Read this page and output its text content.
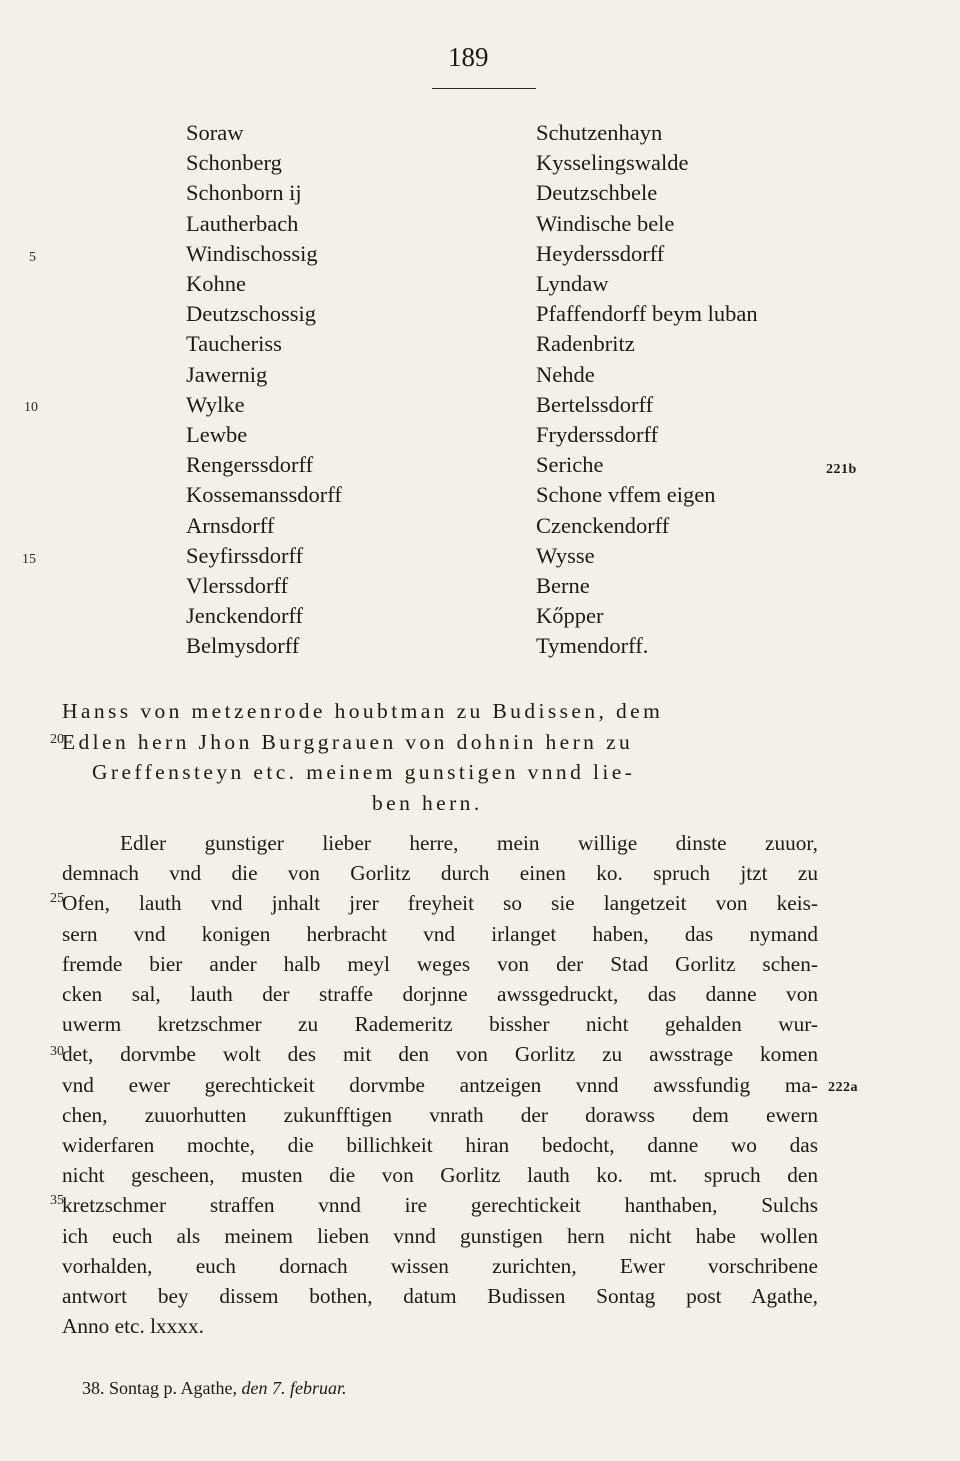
189
Soraw
Schonberg
Schonborn ij
Lautherbach
Windischossig
Kohne
Deutzschossig
Taucheriss
Jawernig
Wylke
Lewbe
Rengerssdorff
Kossemanssdorff
Arnsdorff
Seyfirssdorff
Vlerssdorff
Jenckendorff
Belmysdorff
Schutzenhayn
Kysselingswalde
Deutzschbele
Windische bele
Heyderssdorff
Lyndaw
Pfaffendorff beym luban
Radenbritz
Nehde
Bertelssdorff
Fryderssdorff
Seriche
Schone vffem eigen
Czenckendorff
Wysse
Berne
Kőpper
Tymendorff.
5
10
15
20
25
30
35
221b
222a
Hanss von metzenrode houbtman zu Budissen, dem
Edlen hern Jhon Burggrauen von dohnin hern zu
Greffensteyn etc. meinem gunstigen vnnd lie-
ben hern.
Edler gunstiger lieber herre, mein willige dinste zuuor,
demnach vnd die von Gorlitz durch einen ko. spruch jtzt zu
Ofen, lauth vnd jnhalt jrer freyheit so sie langetzeit von keis-
sern vnd konigen herbracht vnd irlanget haben, das nymand
fremde bier ander halb meyl weges von der Stad Gorlitz schen-
cken sal, lauth der straffe dorjnne awssgedruckt, das danne von
uwerm kretzschmer zu Rademeritz bissher nicht gehalden wur-
det, dorvmbe wolt des mit den von Gorlitz zu awsstrage komen
vnd ewer gerechtickeit dorvmbe antzeigen vnnd awssfundig ma-
chen, zuuorhutten zukunfftigen vnrath der dorawss dem ewern
widerfaren mochte, die billichkeit hiran bedocht, danne wo das
nicht gescheen, musten die von Gorlitz lauth ko. mt. spruch den
kretzschmer straffen vnnd ire gerechtickeit hanthaben, Sulchs
ich euch als meinem lieben vnnd gunstigen hern nicht habe wollen
vorhalden, euch dornach wissen zurichten, Ewer vorschribene
antwort bey dissem bothen, datum Budissen Sontag post Agathe,
Anno etc. lxxxx.
38. Sontag p. Agathe, den 7. februar.
